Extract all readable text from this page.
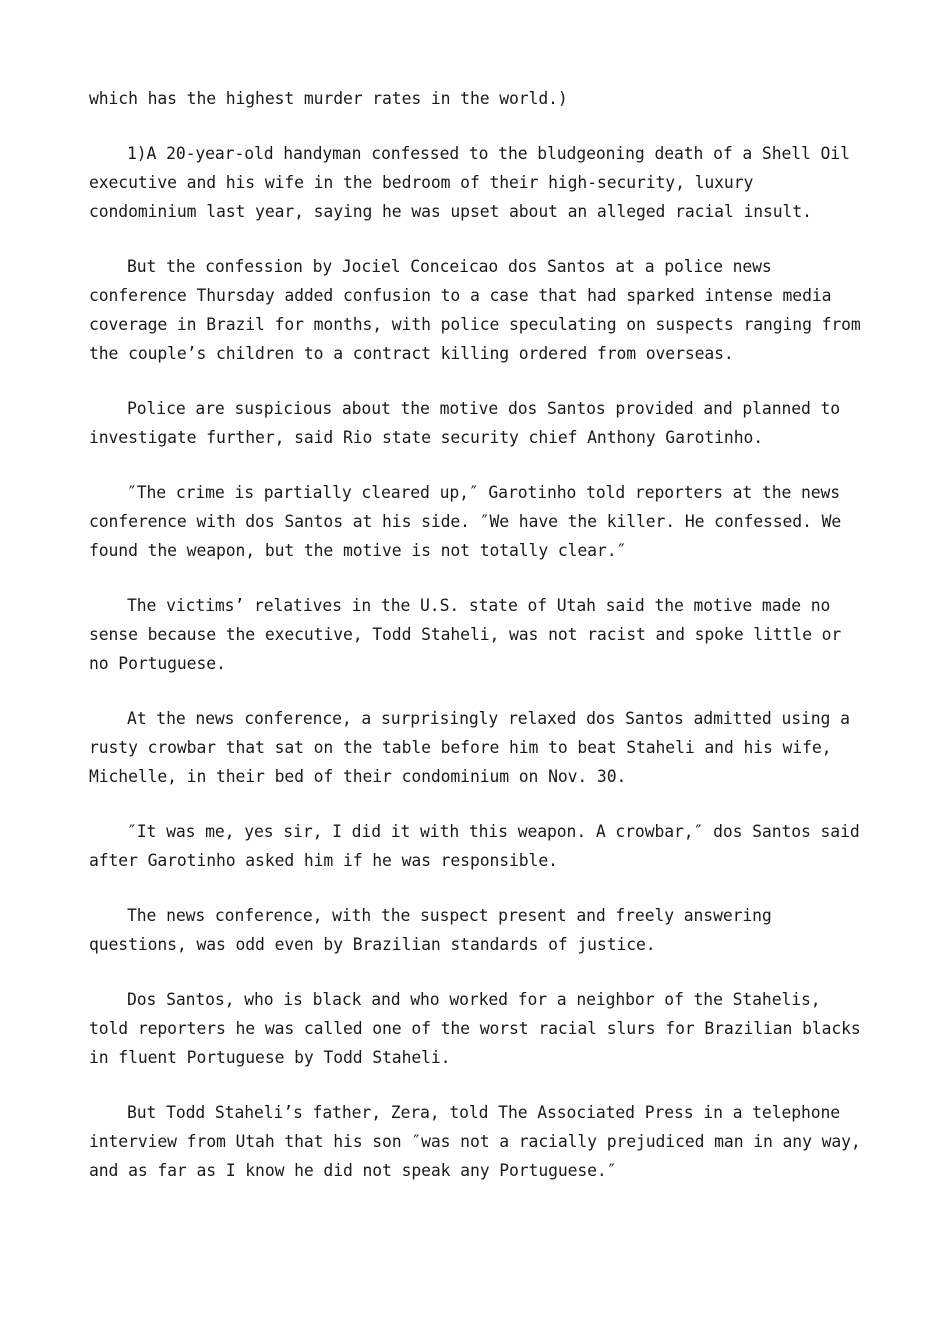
which has the highest murder rates in the world.)

1)A 20-year-old handyman confessed to the bludgeoning death of a Shell Oil
executive and his wife in the bedroom of their high-security, luxury
condominium last year, saying he was upset about an alleged racial insult.

But the confession by Jociel Conceicao dos Santos at a police news
conference Thursday added confusion to a case that had sparked intense media
coverage in Brazil for months, with police speculating on suspects ranging from
the couple’s children to a contract killing ordered from overseas.

Police are suspicious about the motive dos Santos provided and planned to
investigate further, said Rio state security chief Anthony Garotinho.

″The crime is partially cleared up,″ Garotinho told reporters at the news
conference with dos Santos at his side. ″We have the killer. He confessed. We
found the weapon, but the motive is not totally clear.″

The victims’ relatives in the U.S. state of Utah said the motive made no
sense because the executive, Todd Staheli, was not racist and spoke little or
no Portuguese.

At the news conference, a surprisingly relaxed dos Santos admitted using a
rusty crowbar that sat on the table before him to beat Staheli and his wife,
Michelle, in their bed of their condominium on Nov. 30.

″It was me, yes sir, I did it with this weapon. A crowbar,″ dos Santos said
after Garotinho asked him if he was responsible.

The news conference, with the suspect present and freely answering
questions, was odd even by Brazilian standards of justice.

Dos Santos, who is black and who worked for a neighbor of the Stahelis,
told reporters he was called one of the worst racial slurs for Brazilian blacks
in fluent Portuguese by Todd Staheli.

But Todd Staheli’s father, Zera, told The Associated Press in a telephone
interview from Utah that his son ″was not a racially prejudiced man in any way,
and as far as I know he did not speak any Portuguese.″
